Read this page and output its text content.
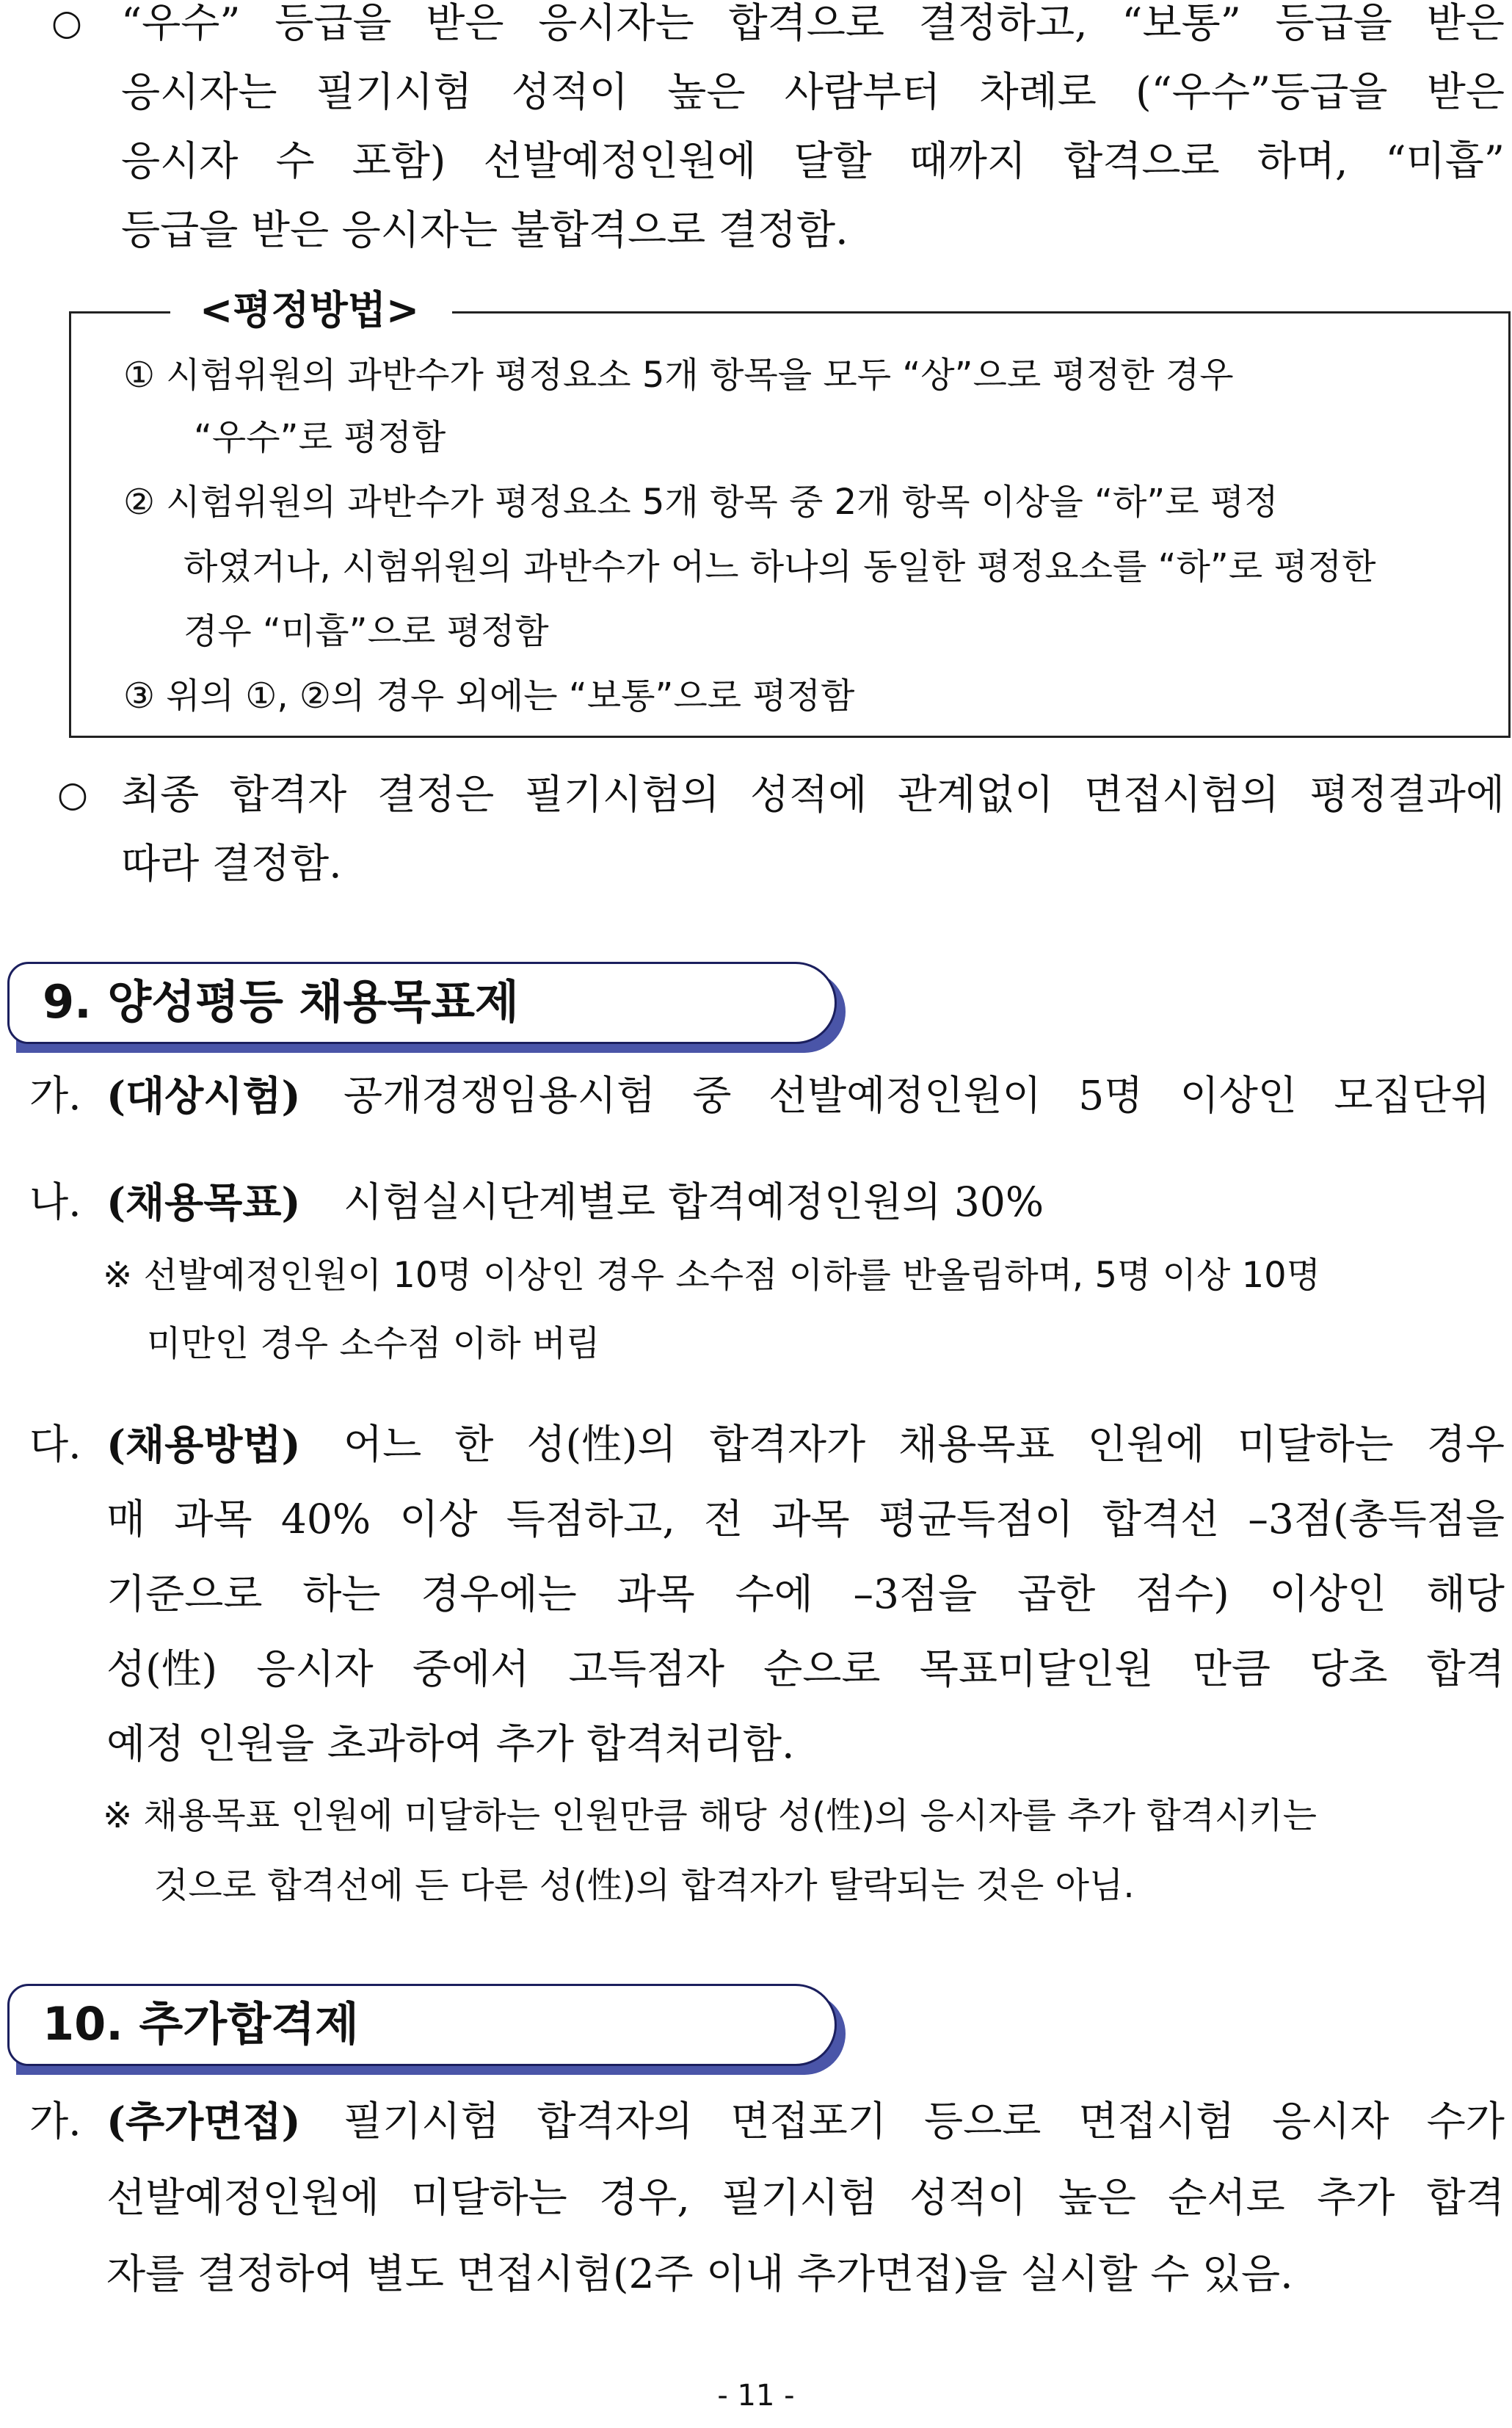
○ “우수” 등급을 받은 응시자는 합격으로 결정하고, “보통” 등급을 받은
응시자는 필기시험 성적이 높은 사람부터 차례로 (“우수”등급을 받은
응시자 수 포함) 선발예정인원에 달할 때까지 합격으로 하며, “미흡”
등급을 받은 응시자는 불합격으로 결정함.
<평정방법>
① 시험위원의 과반수가 평정요소 5개 항목을 모두 “상”으로 평정한 경우
“우수”로 평정함
② 시험위원의 과반수가 평정요소 5개 항목 중 2개 항목 이상을 “하”로 평정
하였거나, 시험위원의 과반수가 어느 하나의 동일한 평정요소를 “하”로 평정한
경우 “미흡”으로 평정함
③ 위의 ①, ②의 경우 외에는 “보통”으로 평정함
○ 최종 합격자 결정은 필기시험의 성적에 관계없이 면접시험의 평정결과에
따라 결정함.
9. 양성평등 채용목표제
가. (대상시험) 공개경쟁임용시험 중 선발예정인원이 5명 이상인 모집단위
나. (채용목표) 시험실시단계별로 합격예정인원의 30%
※ 선발예정인원이 10명 이상인 경우 소수점 이하를 반올림하며, 5명 이상 10명
미만인 경우 소수점 이하 버림
다. (채용방법) 어느 한 성(性)의 합격자가 채용목표 인원에 미달하는 경우
매 과목 40% 이상 득점하고, 전 과목 평균득점이 합격선 –3점(총득점을
기준으로 하는 경우에는 과목 수에 –3점을 곱한 점수) 이상인 해당
성(性) 응시자 중에서 고득점자 순으로 목표미달인원 만큼 당초 합격
예정 인원을 초과하여 추가 합격처리함.
※ 채용목표 인원에 미달하는 인원만큼 해당 성(性)의 응시자를 추가 합격시키는
것으로 합격선에 든 다른 성(性)의 합격자가 탈락되는 것은 아님.
10. 추가합격제
가. (추가면접) 필기시험 합격자의 면접포기 등으로 면접시험 응시자 수가
선발예정인원에 미달하는 경우, 필기시험 성적이 높은 순서로 추가 합격
자를 결정하여 별도 면접시험(2주 이내 추가면접)을 실시할 수 있음.
- 11 -
